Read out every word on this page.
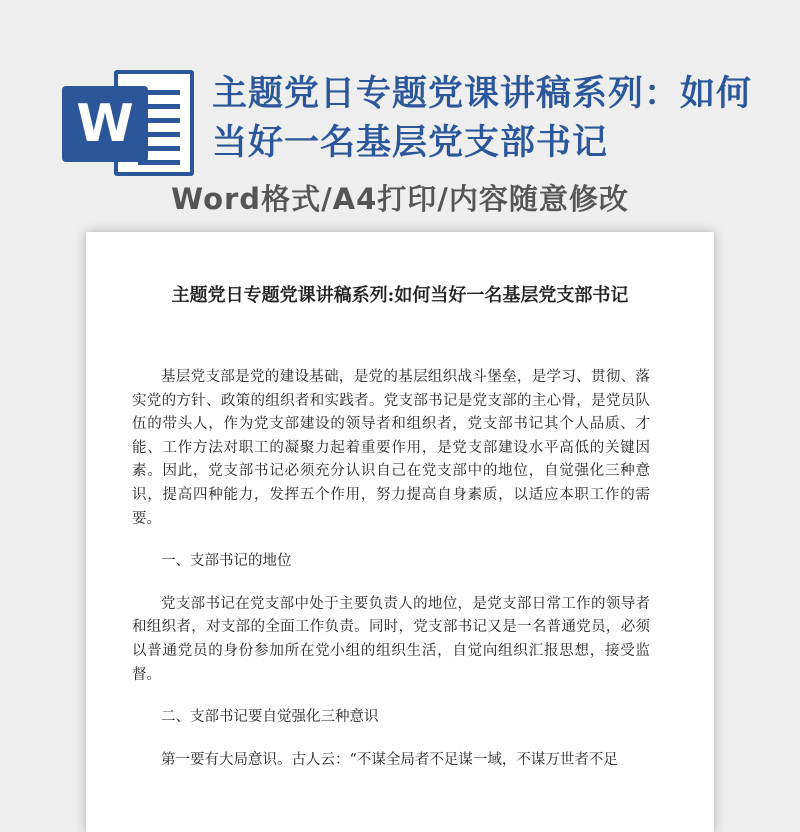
W 主题党日专题党课讲稿系列：如何当好一名基层党支部书记
Word格式/A4打印/内容随意修改
主题党日专题党课讲稿系列:如何当好一名基层党支部书记

基层党支部是党的建设基础，是党的基层组织战斗堡垒，是学习、贯彻、落实党的方针、政策的组织者和实践者。党支部书记是党支部的主心骨，是党员队伍的带头人，作为党支部建设的领导者和组织者，党支部书记其个人品质、才能、工作方法对职工的凝聚力起着重要作用，是党支部建设水平高低的关键因素。因此，党支部书记必须充分认识自己在党支部中的地位，自觉强化三种意识，提高四种能力，发挥五个作用，努力提高自身素质，以适应本职工作的需要。

一、支部书记的地位

党支部书记在党支部中处于主要负责人的地位，是党支部日常工作的领导者和组织者，对支部的全面工作负责。同时，党支部书记又是一名普通党员，必须以普通党员的身份参加所在党小组的组织生活，自觉向组织汇报思想，接受监督。

二、支部书记要自觉强化三种意识

第一要有大局意识。古人云：“不谋全局者不足谋一域，不谋万世者不足
